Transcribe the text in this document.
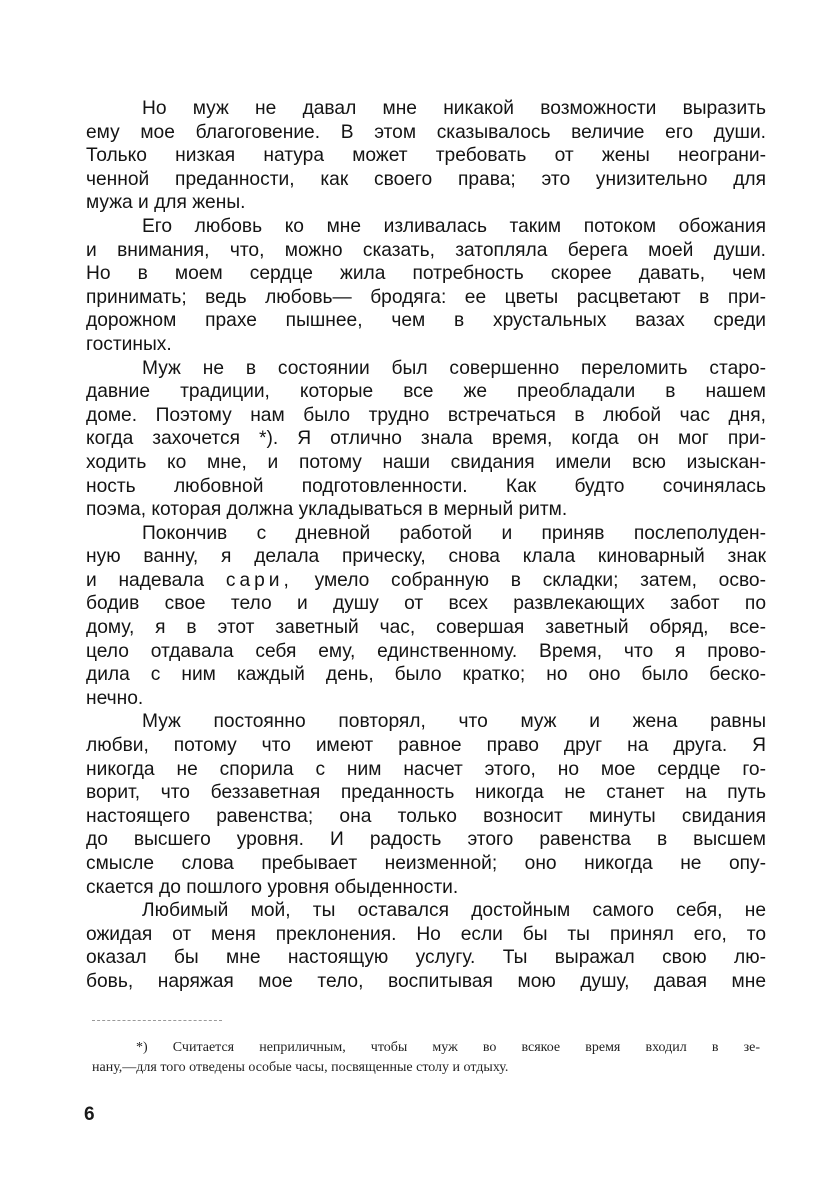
Но муж не давал мне никакой возможности выразить
ему мое благоговение. В этом сказывалось величие его души.
Только низкая натура может требовать от жены неограни-
ченной преданности, как своего права; это унизительно для
мужа и для жены.
Его любовь ко мне изливалась таким потоком обожания
и внимания, что, можно сказать, затопляла берега моей души.
Но в моем сердце жила потребность скорее давать, чем
принимать; ведь любовь— бродяга: ее цветы расцветают в при-
дорожном прахе пышнее, чем в хрустальных вазах среди
гостиных.
Муж не в состоянии был совершенно переломить старо-
давние традиции, которые все же преобладали в нашем
доме. Поэтому нам было трудно встречаться в любой час дня,
когда захочется *). Я отлично знала время, когда он мог при-
ходить ко мне, и потому наши свидания имели всю изыскан-
ность любовной подготовленности. Как будто сочинялась
поэма, которая должна укладываться в мерный ритм.
Покончив с дневной работой и приняв послеполуден-
ную ванну, я делала прическу, снова клала киноварный знак
и надевала сари, умело собранную в складки; затем, осво-
бодив свое тело и душу от всех развлекающих забот по
дому, я в этот заветный час, совершая заветный обряд, все-
цело отдавала себя ему, единственному. Время, что я прово-
дила с ним каждый день, было кратко; но оно было беско-
нечно.
Муж постоянно повторял, что муж и жена равны
любви, потому что имеют равное право друг на друга. Я
никогда не спорила с ним насчет этого, но мое сердце го-
ворит, что беззаветная преданность никогда не станет на путь
настоящего равенства; она только возносит минуты свидания
до высшего уровня. И радость этого равенства в высшем
смысле слова пребывает неизменной; оно никогда не опу-
скается до пошлого уровня обыденности.
Любимый мой, ты оставался достойным самого себя, не
ожидая от меня преклонения. Но если бы ты принял его, то
оказал бы мне настоящую услугу. Ты выражал свою лю-
бовь, наряжая мое тело, воспитывая мою душу, давая мне
*) Считается неприличным, чтобы муж во всякое время входил в зе-
нану,—для того отведены особые часы, посвященные столу и отдыху.
6
